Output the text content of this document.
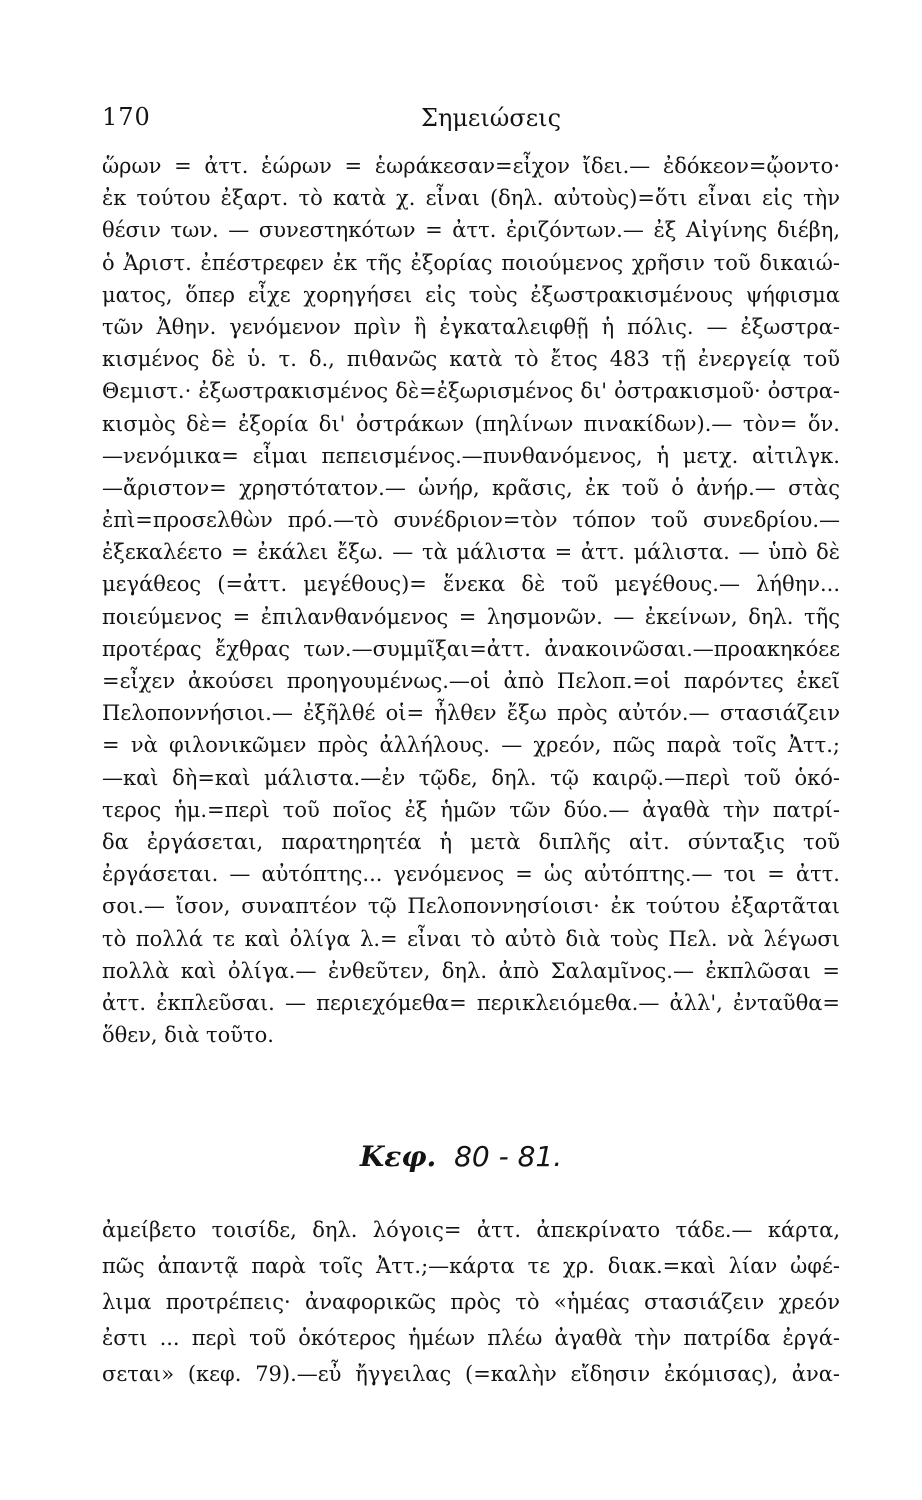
170	Σημειώσεις
ὥρων = ἀττ. ἑώρων = ἑωράκεσαν=εἶχον ἴδει.— ἐδόκεον=ᾤοντο·
ἐκ τούτου ἐξαρτ. τὸ κατὰ χ. εἶναι (δηλ. αὐτοὺς)=ὅτι εἶναι εἰς τὴν
θέσιν των. — συνεστηκότων = ἀττ. ἐριζόντων.— ἐξ Αἰγίνης διέβη,
ὁ Ἀριστ. ἐπέστρεφεν ἐκ τῆς ἐξορίας ποιούμενος χρῆσιν τοῦ δικαιώ-
ματος, ὅπερ εἶχε χορηγήσει εἰς τοὺς ἐξωστρακισμένους ψήφισμα
τῶν Ἀθην. γενόμενον πρὶν ἢ ἐγκαταλειφθῇ ἡ πόλις. — ἐξωστρα-
κισμένος δὲ ὑ. τ. δ., πιθανῶς κατὰ τὸ ἔτος 483 τῇ ἐνεργείᾳ τοῦ
Θεμιστ.· ἐξωστρακισμένος δὲ=ἐξωρισμένος δι' ὀστρακισμοῦ· ὀστρα-
κισμὸς δὲ= ἐξορία δι' ὀστράκων (πηλίνων πινακίδων).— τὸν= ὅν.
—νενόμικα= εἶμαι πεπεισμένος.—πυνθανόμενος, ἡ μετχ. αἰτιλγκ.
—ἄριστον= χρηστότατον.— ὡνήρ, κρᾶσις, ἐκ τοῦ ὁ ἀνήρ.— στὰς
ἐπὶ=προσελθὼν πρό.—τὸ συνέδριον=τὸν τόπον τοῦ συνεδρίου.—
ἐξεκαλέετο = ἐκάλει ἔξω. — τὰ μάλιστα = ἀττ. μάλιστα. — ὑπὸ δὲ
μεγάθεος (=ἀττ. μεγέθους)= ἕνεκα δὲ τοῦ μεγέθους.— λήθην...
ποιεύμενος = ἐπιλανθανόμενος = λησμονῶν. — ἐκείνων, δηλ. τῆς
προτέρας ἔχθρας των.—συμμῖξαι=ἀττ. ἀνακοινῶσαι.—προακηκόεε
=εἶχεν ἀκούσει προηγουμένως.—οἱ ἀπὸ Πελοπ.=οἱ παρόντες ἐκεῖ
Πελοποννήσιοι.— ἐξῆλθέ οἱ= ἦλθεν ἔξω πρὸς αὐτόν.— στασιάζειν
= νὰ φιλονικῶμεν πρὸς ἀλλήλους. — χρεόν, πῶς παρὰ τοῖς Ἀττ.;
—καὶ δὴ=καὶ μάλιστα.—ἐν τῷδε, δηλ. τῷ καιρῷ.—περὶ τοῦ ὁκό-
τερος ἡμ.=περὶ τοῦ ποῖος ἐξ ἡμῶν τῶν δύο.— ἀγαθὰ τὴν πατρί-
δα ἐργάσεται, παρατηρητέα ἡ μετὰ διπλῆς αἰτ. σύνταξις τοῦ
ἐργάσεται. — αὐτόπτης... γενόμενος = ὡς αὐτόπτης.— τοι = ἀττ.
σοι.— ἴσον, συναπτέον τῷ Πελοποννησίοισι· ἐκ τούτου ἐξαρτᾶται
τὸ πολλά τε καὶ ὀλίγα λ.= εἶναι τὸ αὐτὸ διὰ τοὺς Πελ. νὰ λέγωσι
πολλὰ καὶ ὀλίγα.— ἐνθεῦτεν, δηλ. ἀπὸ Σαλαμῖνος.— ἐκπλῶσαι =
ἀττ. ἐκπλεῦσαι. — περιεχόμεθα= περικλειόμεθα.— ἀλλ', ἐνταῦθα=
ὅθεν, διὰ τοῦτο.
Κεφ. 80 - 81.
ἀμείβετο τοισίδε, δηλ. λόγοις= ἀττ. ἀπεκρίνατο τάδε.— κάρτα,
πῶς ἀπαντᾷ παρὰ τοῖς Ἀττ.;—κάρτα τε χρ. διακ.=καὶ λίαν ὠφέ-
λιμα προτρέπεις· ἀναφορικῶς πρὸς τὸ «ἡμέας στασιάζειν χρεόν
ἐστι ... περὶ τοῦ ὁκότερος ἡμέων πλέω ἀγαθὰ τὴν πατρίδα ἐργά-
σεται» (κεφ. 79).—εὖ ἤγγειλας (=καλὴν εἴδησιν ἐκόμισας), ἀνα-
